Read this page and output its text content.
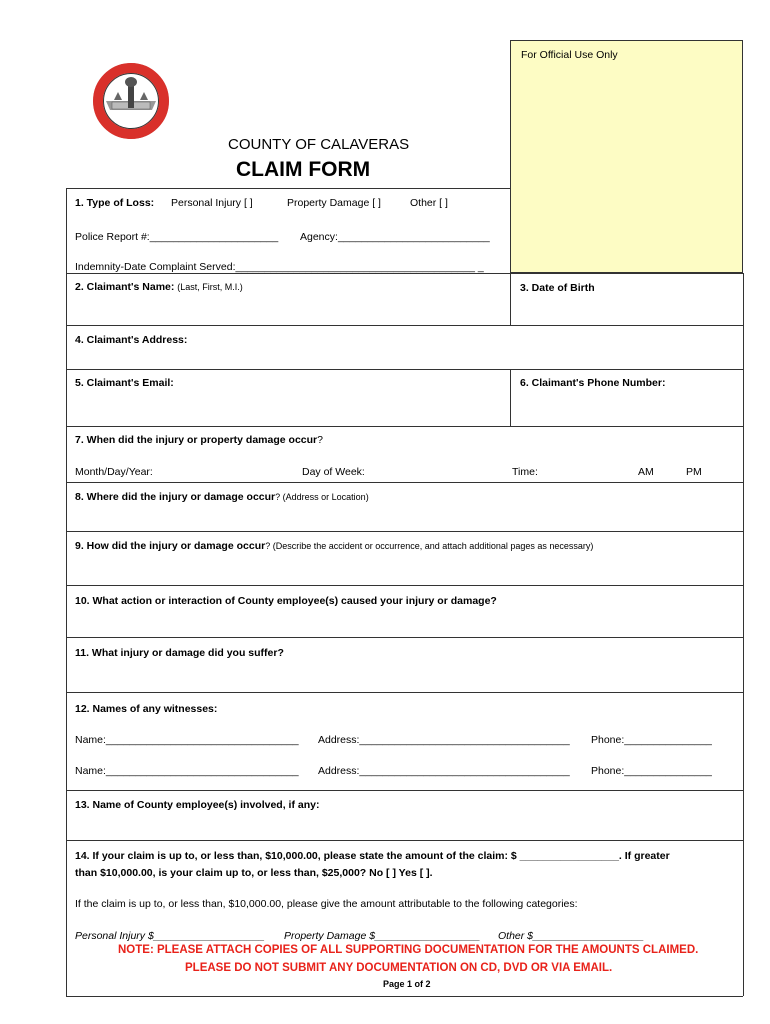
For Official Use Only
COUNTY OF CALAVERAS
CLAIM FORM
1. Type of Loss: Personal Injury [ ]	Property Damage [ ]	Other [ ]
Police Report #:______________________ Agency:__________________________
Indemnity-Date Complaint Served:_________________________________________ _
2. Claimant's Name: (Last, First, M.I.)	3. Date of Birth
4. Claimant's Address:
5. Claimant's Email:	6. Claimant's Phone Number:
7. When did the injury or property damage occur?
Month/Day/Year:	Day of Week:	Time:	AM	PM
8. Where did the injury or damage occur? (Address or Location)
9. How did the injury or damage occur? (Describe the accident or occurrence, and attach additional pages as necessary)
10. What action or interaction of County employee(s) caused your injury or damage?
11. What injury or damage did you suffer?
12. Names of any witnesses:
Name:_________________________________ Address:____________________________________ Phone:_______________
Name:_________________________________ Address:____________________________________ Phone:_______________
13. Name of County employee(s) involved, if any:
14. If your claim is up to, or less than, $10,000.00, please state the amount of the claim: $ _________________. If greater
than $10,000.00, is your claim up to, or less than, $25,000? No [ ] Yes [ ].
If the claim is up to, or less than, $10,000.00, please give the amount attributable to the following categories:
Personal Injury $___________________ Property Damage $__________________ Other $___________________
NOTE: PLEASE ATTACH COPIES OF ALL SUPPORTING DOCUMENTATION FOR THE AMOUNTS CLAIMED.
PLEASE DO NOT SUBMIT ANY DOCUMENTATION ON CD, DVD OR VIA EMAIL.
Page 1 of 2
